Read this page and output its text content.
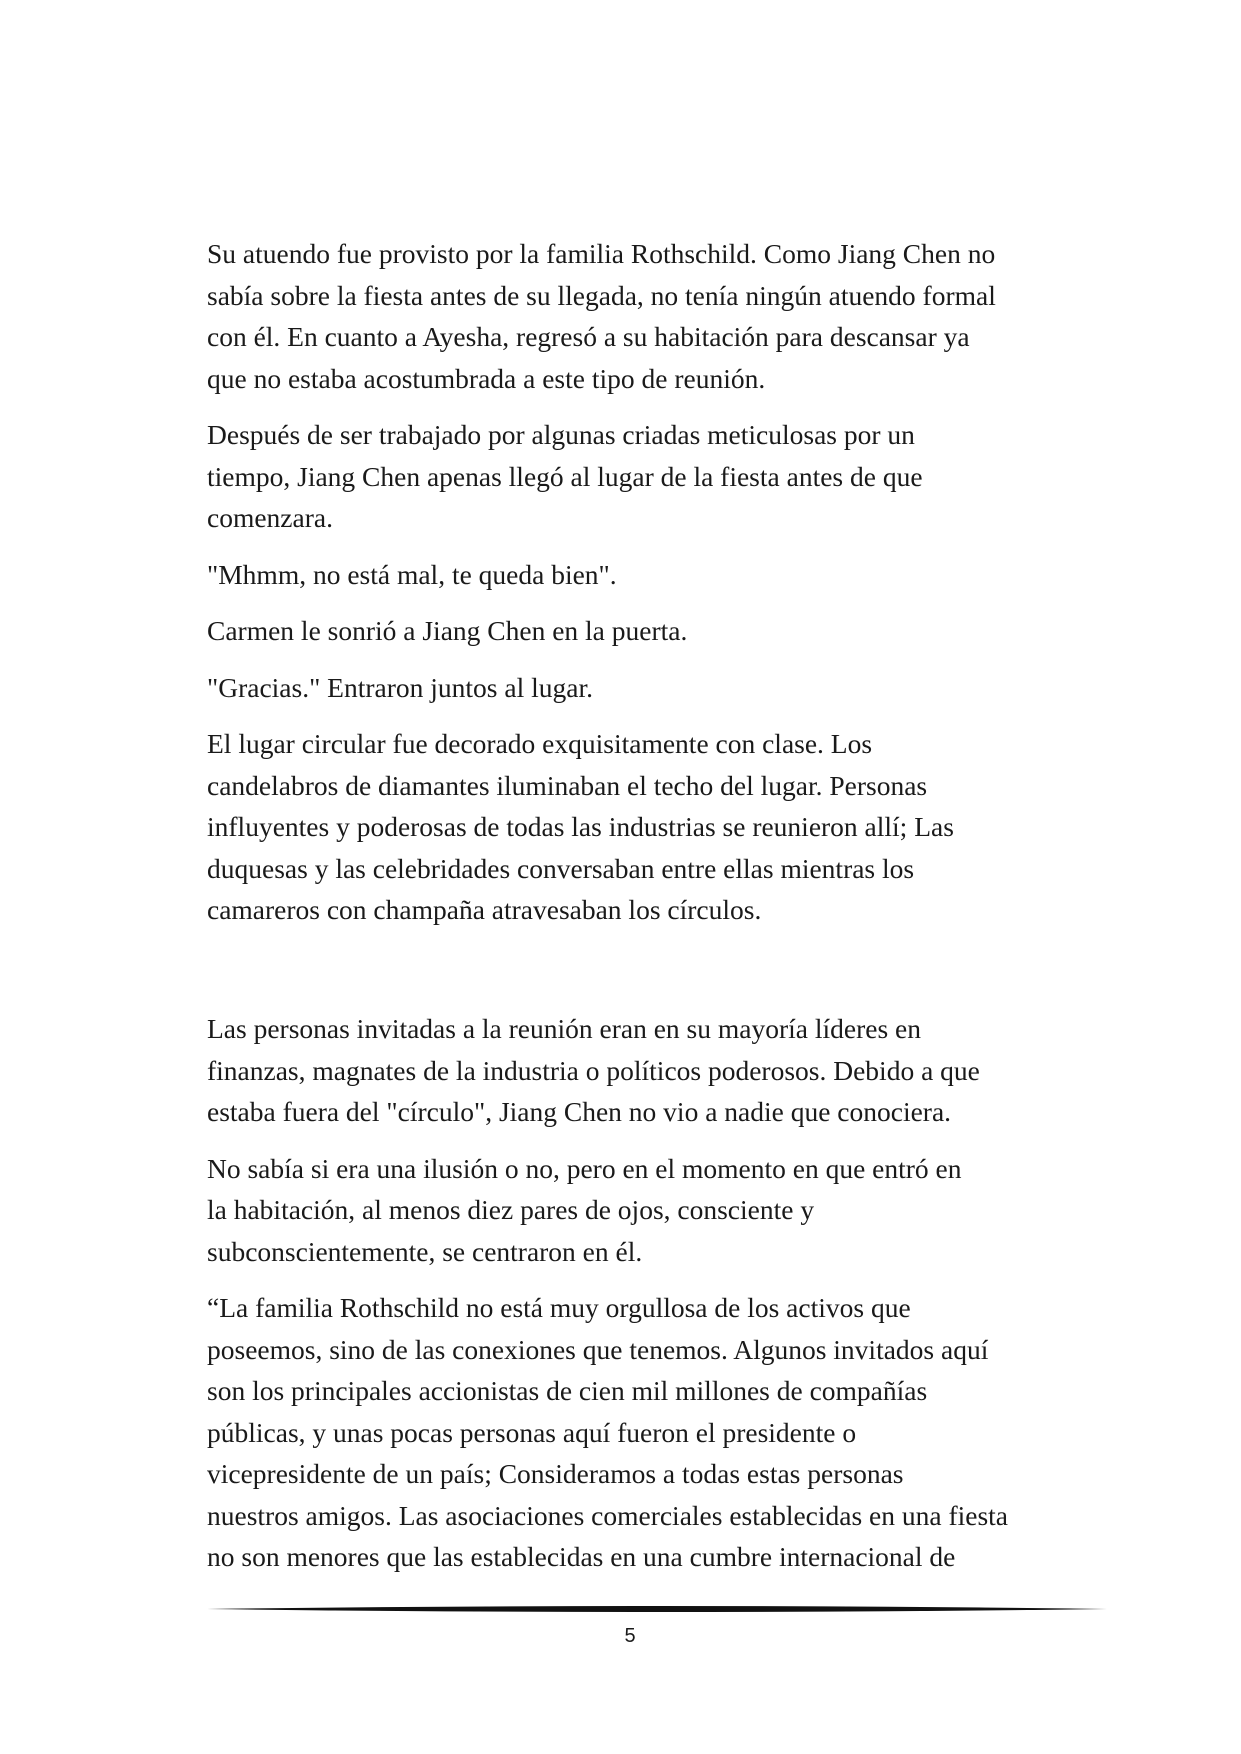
Su atuendo fue provisto por la familia Rothschild. Como Jiang Chen no
sabía sobre la fiesta antes de su llegada, no tenía ningún atuendo formal
con él. En cuanto a Ayesha, regresó a su habitación para descansar ya
que no estaba acostumbrada a este tipo de reunión.

Después de ser trabajado por algunas criadas meticulosas por un
tiempo, Jiang Chen apenas llegó al lugar de la fiesta antes de que
comenzara.

"Mhmm, no está mal, te queda bien".

Carmen le sonrió a Jiang Chen en la puerta.

"Gracias." Entraron juntos al lugar.

El lugar circular fue decorado exquisitamente con clase. Los
candelabros de diamantes iluminaban el techo del lugar. Personas
influyentes y poderosas de todas las industrias se reunieron allí; Las
duquesas y las celebridades conversaban entre ellas mientras los
camareros con champaña atravesaban los círculos.

Las personas invitadas a la reunión eran en su mayoría líderes en
finanzas, magnates de la industria o políticos poderosos. Debido a que
estaba fuera del "círculo", Jiang Chen no vio a nadie que conociera.

No sabía si era una ilusión o no, pero en el momento en que entró en
la habitación, al menos diez pares de ojos, consciente y
subconscientemente, se centraron en él.

“La familia Rothschild no está muy orgullosa de los activos que
poseemos, sino de las conexiones que tenemos. Algunos invitados aquí
son los principales accionistas de cien mil millones de compañías
públicas, y unas pocas personas aquí fueron el presidente o
vicepresidente de un país; Consideramos a todas estas personas
nuestros amigos. Las asociaciones comerciales establecidas en una fiesta
no son menores que las establecidas en una cumbre internacional de

5
